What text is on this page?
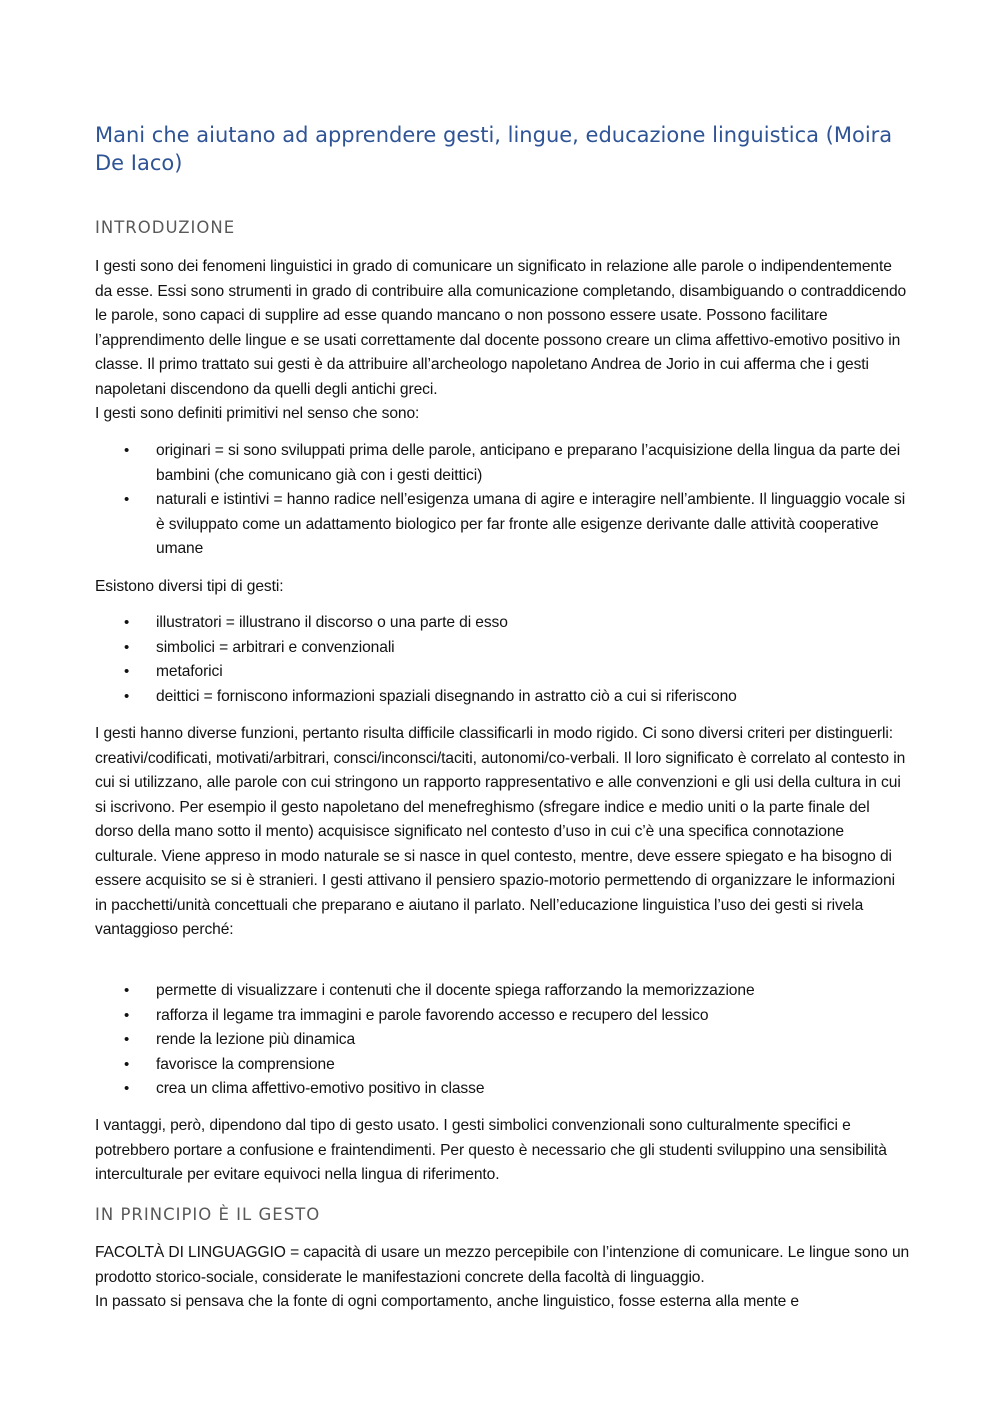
Mani che aiutano ad apprendere gesti, lingue, educazione linguistica (Moira De Iaco)
INTRODUZIONE

I gesti sono dei fenomeni linguistici in grado di comunicare un significato in relazione alle parole o indipendentemente da esse. Essi sono strumenti in grado di contribuire alla comunicazione completando, disambiguando o contraddicendo le parole, sono capaci di supplire ad esse quando mancano o non possono essere usate. Possono facilitare l’apprendimento delle lingue e se usati correttamente dal docente possono creare un clima affettivo-emotivo positivo in classe. Il primo trattato sui gesti è da attribuire all’archeologo napoletano Andrea de Jorio in cui afferma che i gesti napoletani discendono da quelli degli antichi greci.

I gesti sono definiti primitivi nel senso che sono:

• originari = si sono sviluppati prima delle parole, anticipano e preparano l’acquisizione della lingua da parte dei bambini (che comunicano già con i gesti deittici)
• naturali e istintivi = hanno radice nell’esigenza umana di agire e interagire nell’ambiente. Il linguaggio vocale si è sviluppato come un adattamento biologico per far fronte alle esigenze derivante dalle attività cooperative umane

Esistono diversi tipi di gesti:

• illustratori = illustrano il discorso o una parte di esso
• simbolici = arbitrari e convenzionali
• metaforici
• deittici = forniscono informazioni spaziali disegnando in astratto ciò a cui si riferiscono

I gesti hanno diverse funzioni, pertanto risulta difficile classificarli in modo rigido. Ci sono diversi criteri per distinguerli: creativi/codificati, motivati/arbitrari, consci/inconsci/taciti, autonomi/co-verbali. Il loro significato è correlato al contesto in cui si utilizzano, alle parole con cui stringono un rapporto rappresentativo e alle convenzioni e gli usi della cultura in cui si iscrivono. Per esempio il gesto napoletano del menefreghismo (sfregare indice e medio uniti o la parte finale del dorso della mano sotto il mento) acquisisce significato nel contesto d’uso in cui c’è una specifica connotazione culturale. Viene appreso in modo naturale se si nasce in quel contesto, mentre, deve essere spiegato e ha bisogno di essere acquisito se si è stranieri. I gesti attivano il pensiero spazio-motorio permettendo di organizzare le informazioni in pacchetti/unità concettuali che preparano e aiutano il parlato. Nell’educazione linguistica l’uso dei gesti si rivela vantaggioso perché:

• permette di visualizzare i contenuti che il docente spiega rafforzando la memorizzazione
• rafforza il legame tra immagini e parole favorendo accesso e recupero del lessico
• rende la lezione più dinamica
• favorisce la comprensione
• crea un clima affettivo-emotivo positivo in classe

I vantaggi, però, dipendono dal tipo di gesto usato. I gesti simbolici convenzionali sono culturalmente specifici e potrebbero portare a confusione e fraintendimenti. Per questo è necessario che gli studenti sviluppino una sensibilità interculturale per evitare equivoci nella lingua di riferimento.

IN PRINCIPIO È IL GESTO

FACOLTÀ DI LINGUAGGIO = capacità di usare un mezzo percepibile con l’intenzione di comunicare. Le lingue sono un prodotto storico-sociale, considerate le manifestazioni concrete della facoltà di linguaggio.

In passato si pensava che la fonte di ogni comportamento, anche linguistico, fosse esterna alla mente e
